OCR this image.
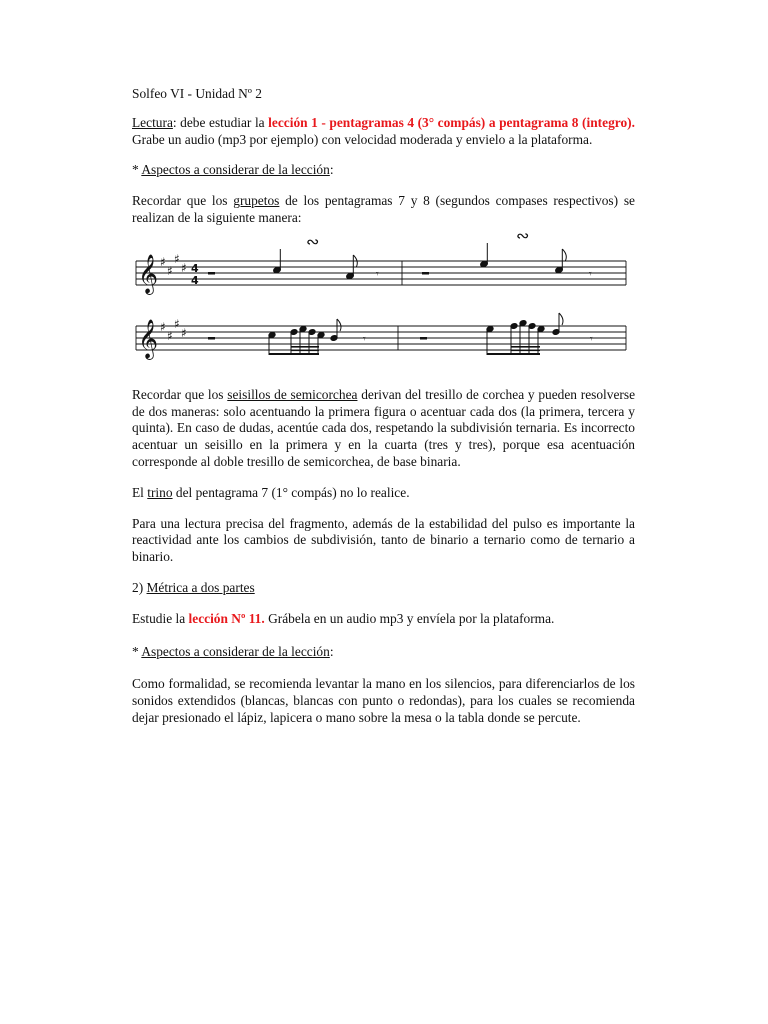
Solfeo VI - Unidad Nº 2

Lectura: debe estudiar la lección 1 - pentagramas 4 (3° compás) a pentagrama 8 (integro). Grabe un audio (mp3 por ejemplo) con velocidad moderada y envielo a la plataforma.

* Aspectos a considerar de la lección:

Recordar que los grupetos de los pentagramas 7 y 8 (segundos compases respectivos) se realizan de la siguiente manera:

𝄞
𝄞
♯
♯
♯
♯
♯
♯
♯
♯
4
4	𝄾	𝄾
∾	∾
𝄾	𝄾

Recordar que los seisillos de semicorchea derivan del tresillo de corchea y pueden resolverse de dos maneras: solo acentuando la primera figura o acentuar cada dos (la primera, tercera y quinta). En caso de dudas, acentúe cada dos, respetando la subdivisión ternaria. Es incorrecto acentuar un seisillo en la primera y en la cuarta (tres y tres), porque esa acentuación corresponde al doble tresillo de semicorchea, de base binaria.

El trino del pentagrama 7 (1° compás) no lo realice.

Para una lectura precisa del fragmento, además de la estabilidad del pulso es importante la reactividad ante los cambios de subdivisión, tanto de binario a ternario como de ternario a binario.

2) Métrica a dos partes

Estudie la lección Nº 11. Grábela en un audio mp3 y envíela por la plataforma.

* Aspectos a considerar de la lección:

Como formalidad, se recomienda levantar la mano en los silencios, para diferenciarlos de los sonidos extendidos (blancas, blancas con punto o redondas), para los cuales se recomienda dejar presionado el lápiz, lapicera o mano sobre la mesa o la tabla donde se percute.
